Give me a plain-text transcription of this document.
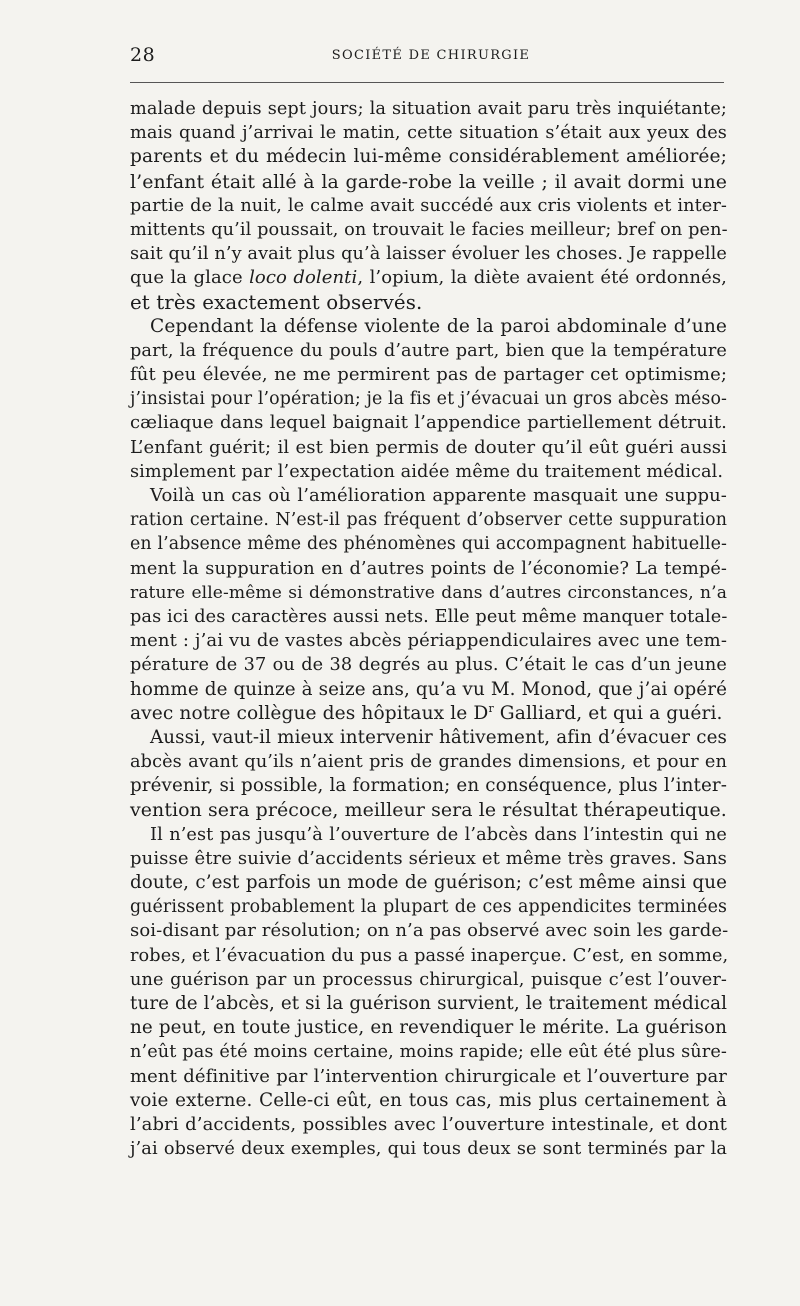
28	SOCIÉTÉ DE CHIRURGIE
malade depuis sept jours; la situation avait paru très inquiétante;
mais quand j’arrivai le matin, cette situation s’était aux yeux des
parents et du médecin lui-même considérablement améliorée;
l’enfant était allé à la garde-robe la veille ; il avait dormi une
partie de la nuit, le calme avait succédé aux cris violents et inter-
mittents qu’il poussait, on trouvait le facies meilleur; bref on pen-
sait qu’il n’y avait plus qu’à laisser évoluer les choses. Je rappelle
que la glace loco dolenti, l’opium, la diète avaient été ordonnés,
et très exactement observés.
Cependant la défense violente de la paroi abdominale d’une
part, la fréquence du pouls d’autre part, bien que la température
fût peu élevée, ne me permirent pas de partager cet optimisme;
j’insistai pour l’opération; je la fis et j’évacuai un gros abcès méso-
cæliaque dans lequel baignait l’appendice partiellement détruit.
L’enfant guérit; il est bien permis de douter qu’il eût guéri aussi
simplement par l’expectation aidée même du traitement médical.
Voilà un cas où l’amélioration apparente masquait une suppu-
ration certaine. N’est-il pas fréquent d’observer cette suppuration
en l’absence même des phénomènes qui accompagnent habituelle-
ment la suppuration en d’autres points de l’économie? La tempé-
rature elle-même si démonstrative dans d’autres circonstances, n’a
pas ici des caractères aussi nets. Elle peut même manquer totale-
ment : j’ai vu de vastes abcès périappendiculaires avec une tem-
pérature de 37 ou de 38 degrés au plus. C’était le cas d’un jeune
homme de quinze à seize ans, qu’a vu M. Monod, que j’ai opéré
avec notre collègue des hôpitaux le $D^r$ Galliard, et qui a guéri.
Aussi, vaut-il mieux intervenir hâtivement, afin d’évacuer ces
abcès avant qu’ils n’aient pris de grandes dimensions, et pour en
prévenir, si possible, la formation; en conséquence, plus l’inter-
vention sera précoce, meilleur sera le résultat thérapeutique.
Il n’est pas jusqu’à l’ouverture de l’abcès dans l’intestin qui ne
puisse être suivie d’accidents sérieux et même très graves. Sans
doute, c’est parfois un mode de guérison; c’est même ainsi que
guérissent probablement la plupart de ces appendicites terminées
soi-disant par résolution; on n’a pas observé avec soin les garde-
robes, et l’évacuation du pus a passé inaperçue. C’est, en somme,
une guérison par un processus chirurgical, puisque c’est l’ouver-
ture de l’abcès, et si la guérison survient, le traitement médical
ne peut, en toute justice, en revendiquer le mérite. La guérison
n’eût pas été moins certaine, moins rapide; elle eût été plus sûre-
ment définitive par l’intervention chirurgicale et l’ouverture par
voie externe. Celle-ci eût, en tous cas, mis plus certainement à
l’abri d’accidents, possibles avec l’ouverture intestinale, et dont
j’ai observé deux exemples, qui tous deux se sont terminés par la
